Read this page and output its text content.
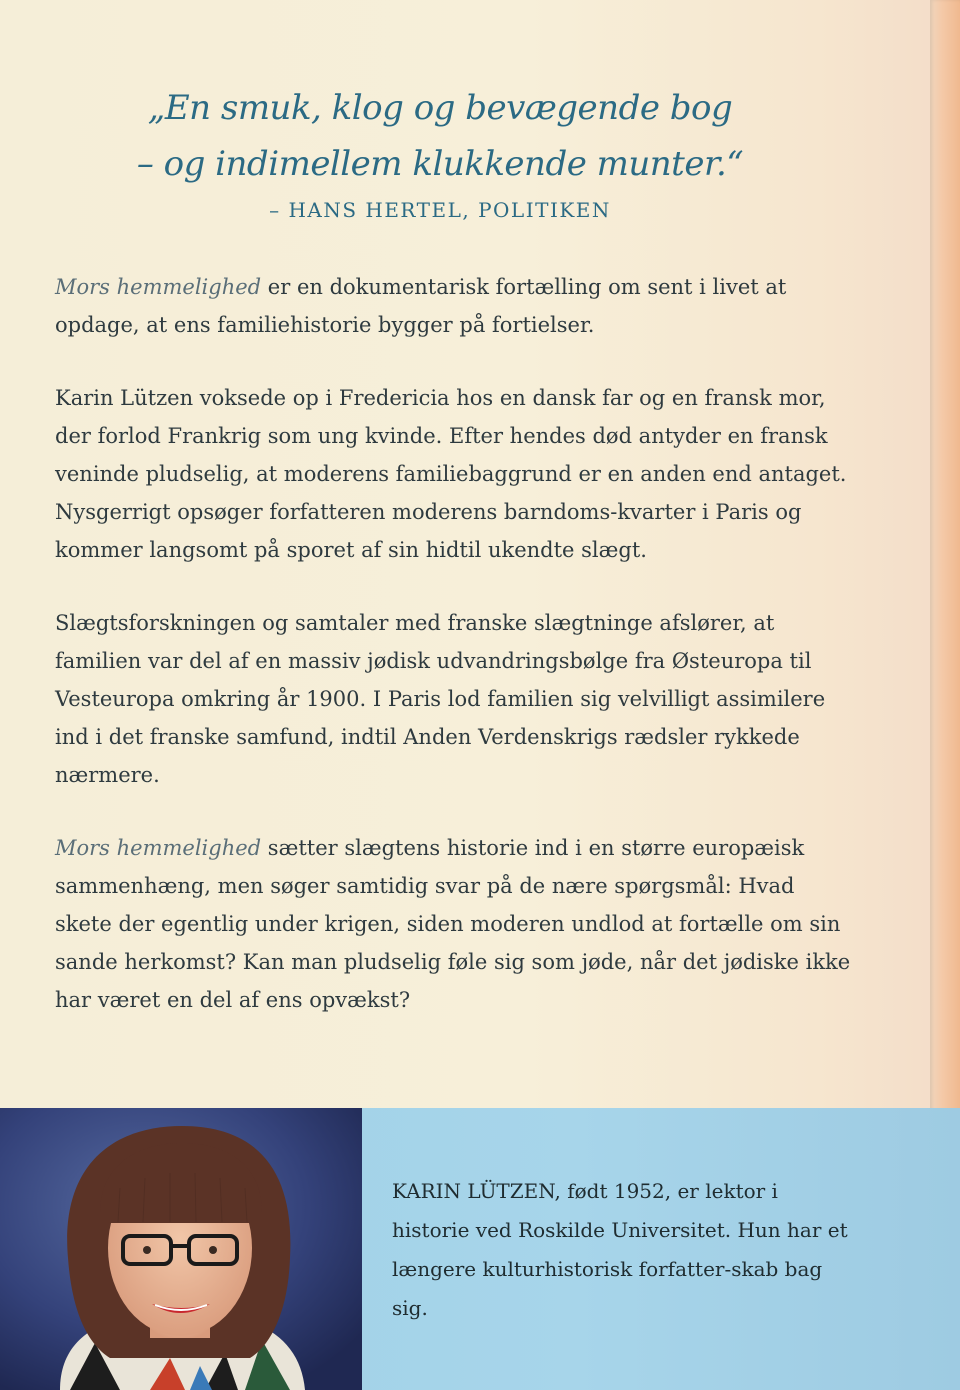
„En smuk, klog og bevægende bog

– og indimellem klukkende munter.“

– HANS HERTEL, POLITIKEN

Mors hemmelighed er en dokumentarisk fortælling om sent i livet at opdage, at ens familiehistorie bygger på fortielser.

Karin Lützen voksede op i Fredericia hos en dansk far og en fransk mor, der forlod Frankrig som ung kvinde. Efter hendes død antyder en fransk veninde pludselig, at moderens familiebaggrund er en anden end antaget. Nysgerrigt opsøger forfatteren moderens barndoms-kvarter i Paris og kommer langsomt på sporet af sin hidtil ukendte slægt.

Slægtsforskningen og samtaler med franske slægtninge afslører, at familien var del af en massiv jødisk udvandringsbølge fra Østeuropa til Vesteuropa omkring år 1900. I Paris lod familien sig velvilligt assimilere ind i det franske samfund, indtil Anden Verdenskrigs rædsler rykkede nærmere.

Mors hemmelighed sætter slægtens historie ind i en større europæisk sammenhæng, men søger samtidig svar på de nære spørgsmål: Hvad skete der egentlig under krigen, siden moderen undlod at fortælle om sin sande herkomst? Kan man pludselig føle sig som jøde, når det jødiske ikke har været en del af ens opvækst?

KARIN LÜTZEN, født 1952, er lektor i historie ved Roskilde Universitet. Hun har et længere kulturhistorisk forfatter-skab bag sig.
